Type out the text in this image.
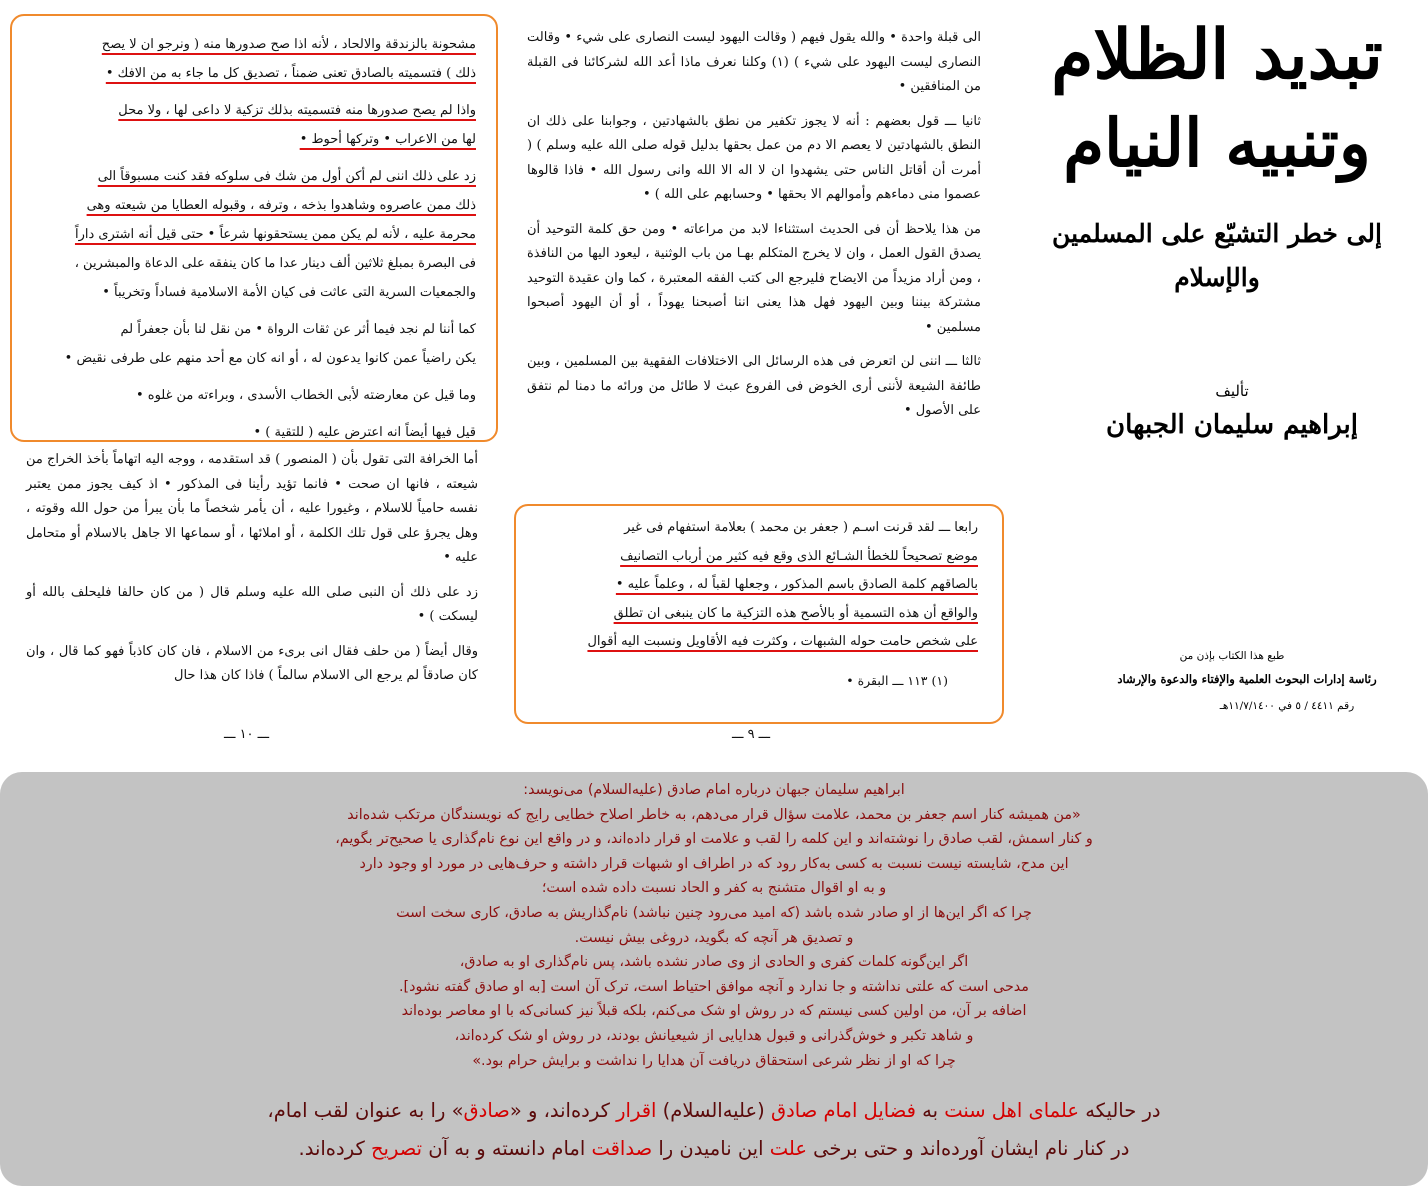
تبديد الظلام
وتنبيه النيام
إلى خطر التشيّع على المسلمين والإسلام
تأليف
إبراهيم سليمان الجبهان
طبع هذا الكتاب بإذن من
رئاسة إدارات البحوث العلمية والإفتاء والدعوة والإرشاد
رقم ٤٤١١ / ٥ في ١١/٧/١٤٠٠هـ

الى قبلة واحدة • والله يقول فيهم ( وقالت اليهود ليست النصارى على شيء • وقالت النصارى ليست اليهود على شيء ) (١) وكلنا نعرف ماذا أعد الله لشركائنا فى القبلة من المنافقين •

ثانيا ـــ قول بعضهم : أنه لا يجوز تكفير من نطق بالشهادتين ، وجوابنا على ذلك ان النطق بالشهادتين لا يعصم الا دم من عمل بحقها بدليل قوله صلى الله عليه وسلم ) ( أمرت أن أقاتل الناس حتى يشهدوا ان لا اله الا الله وانى رسول الله • فاذا قالوها عصموا منى دماءهم وأموالهم الا بحقها • وحسابهم على الله ) •

من هذا يلاحظ أن فى الحديث استثناءا لابد من مراعاته • ومن حق كلمة التوحيد أن يصدق القول العمل ، وان لا يخرج المتكلم بهـا من باب الوثنية ، ليعود اليها من النافذة ، ومن أراد مزيداً من الايضاح فليرجع الى كتب الفقه المعتبرة ، كما وان عقيدة التوحيد مشتركة بيننا وبين اليهود فهل هذا يعنى اننا أصبحنا يهوداً ، أو أن اليهود أصبحوا مسلمين •

ثالثا ـــ اننى لن اتعرض فى هذه الرسائل الى الاختلافات الفقهية بين المسلمين ، وبين طائفة الشيعة لأننى أرى الخوض فى الفروع عبث لا طائل من ورائه ما دمنا لم نتفق على الأصول •

رابعا ـــ لقد قرنت اسـم ( جعفر بن محمد ) بعلامة استفهام فى غير
موضع تصحيحاً للخطأ الشـائع الذى وقع فيه كثير من أرباب التصانيف
بالصاقهم كلمة الصادق باسم المذكور ، وجعلها لقباً له ، وعلماً عليه •
والواقع أن هذه التسمية أو بالأصح هذه التزكية ما كان ينبغى ان تطلق
على شخص حامت حوله الشبهات ، وكثرت فيه الأقاويل ونسبت اليه أقوال
(١) ١١٣ ـــ البقرة •
ـــ ٩ ـــ
مشحونة بالزندقة والالحاد ، لأنه اذا صح صدورها منه ( ونرجو ان لا يصح
ذلك ) فتسميته بالصادق تعنى ضمناً ، تصديق كل ما جاء به من الافك •
واذا لم يصح صدورها منه فتسميته بذلك تزكية لا داعى لها ، ولا محل
لها من الاعراب • وتركها أحوط •
زد على ذلك اننى لم أكن أول من شك فى سلوكه فقد كنت مسبوقاً الى
ذلك ممن عاصروه وشاهدوا بذخه ، وترفه ، وقبوله العطايا من شيعته وهى
محرمة عليه ، لأنه لم يكن ممن يستحقونها شرعاً • حتى قيل أنه اشترى داراً
فى البصرة بمبلغ ثلاثين ألف دينار عدا ما كان ينفقه على الدعاة والمبشرين ،
والجمعيات السرية التى عاثت فى كيان الأمة الاسلامية فساداً وتخريباً •
كما أننا لم نجد فيما أثر عن ثقات الرواة • من نقل لنا بأن جعفراً لم
يكن راضياً عمن كانوا يدعون له ، أو انه كان مع أحد منهم على طرفى نقيض •
وما قيل عن معارضته لأبى الخطاب الأسدى ، وبراءته من غلوه •
قيل فيها أيضاً انه اعترض عليه ( للتقية ) •

أما الخرافة التى تقول بأن ( المنصور ) قد استقدمه ، ووجه اليه اتهاماً بأخذ الخراج من شيعته ، فانها ان صحت • فانما تؤيد رأينا فى المذكور • اذ كيف يجوز ممن يعتبر نفسه حامياً للاسلام ، وغيورا عليه ، أن يأمر شخصاً ما بأن يبرأ من حول الله وقوته ، وهل يجرؤ على قول تلك الكلمة ، أو املائها ، أو سماعها الا جاهل بالاسلام أو متحامل عليه •

زد على ذلك أن النبى صلى الله عليه وسلم قال ( من كان حالفا فليحلف بالله أو ليسكت ) •

وقال أيضاً ( من حلف فقال انى برىء من الاسلام ، فان كان كاذباً فهو كما قال ، وان كان صادقاً لم يرجع الى الاسلام سالماً ) فاذا كان هذا حال

ـــ ١٠ ـــ
ابراهیم سلیمان جبهان درباره امام صادق (علیه‌السلام) می‌نویسد:
«من همیشه کنار اسم جعفر بن محمد، علامت سؤال قرار می‌دهم، به خاطر اصلاح خطایی رایج که نویسندگان مرتکب شده‌اند
و کنار اسمش، لقب صادق را نوشته‌اند و این کلمه را لقب و علامت او قرار داده‌اند، و در واقع این نوع نام‌گذاری یا صحیح‌تر بگویم،
این مدح، شایسته نیست نسبت به کسی به‌کار رود که در اطراف او شبهات قرار داشته و حرف‌هایی در مورد او وجود دارد
و به او اقوال متشنج به کفر و الحاد نسبت داده شده است؛
چرا که اگر این‌ها از او صادر شده باشد (که امید می‌رود چنین نباشد) نام‌گذاریش به صادق، کاری سخت است
و تصدیق هر آنچه که بگوید، دروغی بیش نیست.
اگر این‌گونه کلمات کفری و الحادی از وی صادر نشده باشد، پس نام‌گذاری او به صادق،
مدحی است که علتی نداشته و جا ندارد و آنچه موافق احتیاط است، ترک آن است [به او صادق گفته نشود].
اضافه بر آن، من اولین کسی نیستم که در روش او شک می‌کنم، بلکه قبلاً نیز کسانی‌که با او معاصر بوده‌اند
و شاهد تکبر و خوش‌گذرانی و قبول هدایایی از شیعیانش بودند، در روش او شک کرده‌اند،
چرا که او از نظر شرعی استحقاق دریافت آن هدایا را نداشت و برایش حرام بود.»
در حالیکه علمای اهل سنت به فضایل امام صادق (علیه‌السلام) اقرار کرده‌اند، و «صادق» را به عنوان لقب امام،
در کنار نام ایشان آورده‌اند و حتی برخی علت این نامیدن را صداقت امام دانسته و به آن تصریح کرده‌اند.
